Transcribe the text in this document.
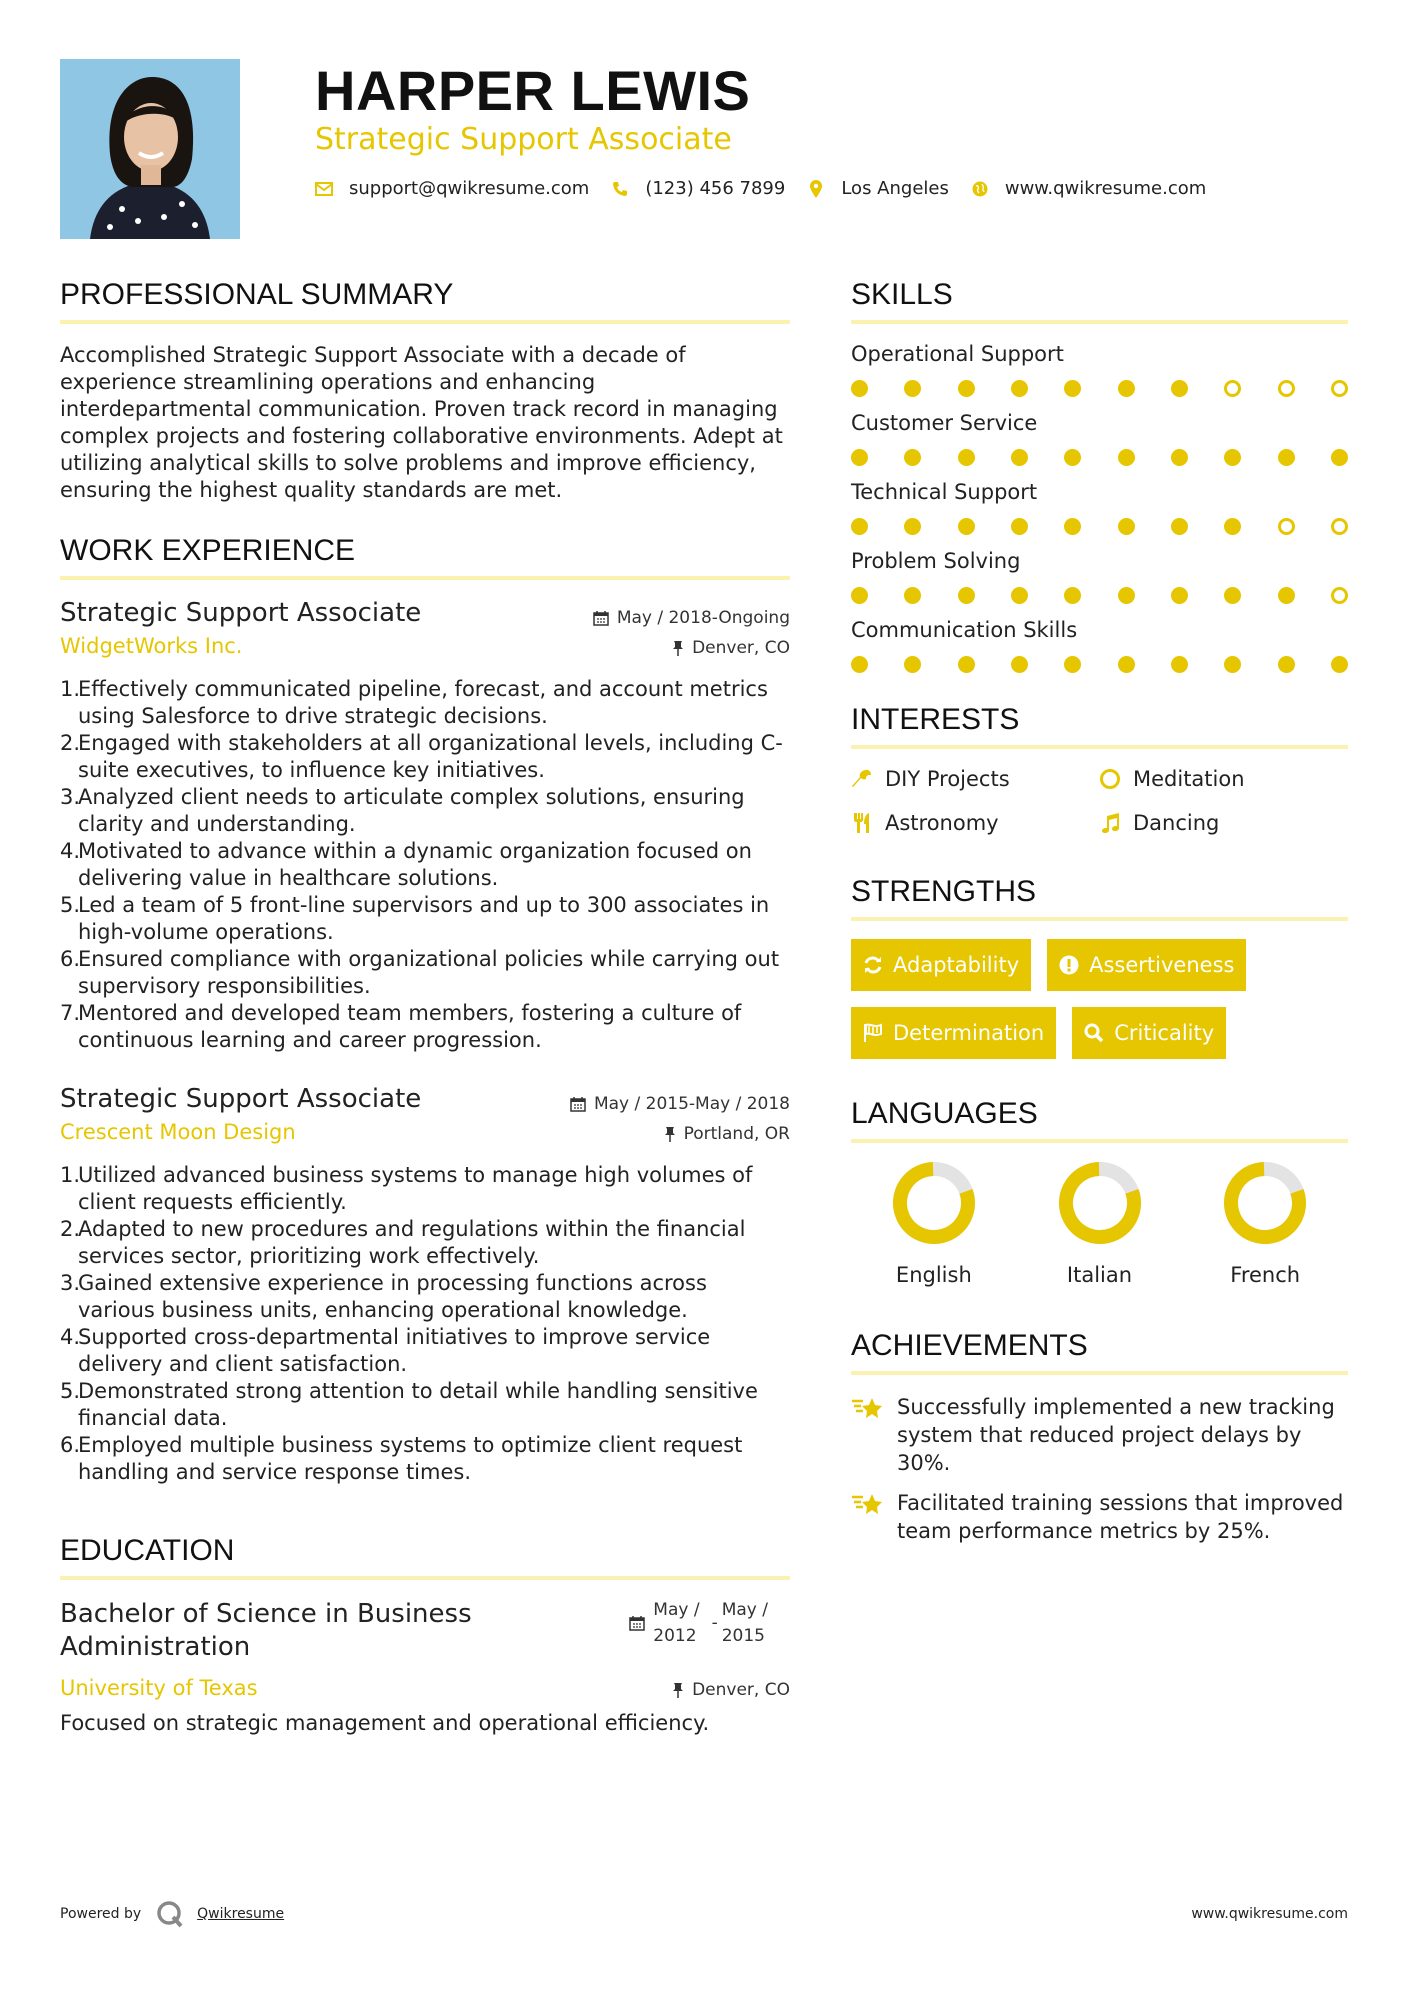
HARPER LEWIS
Strategic Support Associate
support@qwikresume.com	(123) 456 7899	Los Angeles	www.qwikresume.com
PROFESSIONAL SUMMARY

Accomplished Strategic Support Associate with a decade of experience streamlining operations and enhancing interdepartmental communication. Proven track record in managing complex projects and fostering collaborative environments. Adept at utilizing analytical skills to solve problems and improve efficiency, ensuring the highest quality standards are met.

WORK EXPERIENCE
Strategic Support Associate	May / 2018-Ongoing
WidgetWorks Inc.	Denver, CO
1.
Effectively communicated pipeline, forecast, and account metrics using Salesforce to drive strategic decisions.
2.
Engaged with stakeholders at all organizational levels, including C-suite executives, to influence key initiatives.
3.
Analyzed client needs to articulate complex solutions, ensuring clarity and understanding.
4.
Motivated to advance within a dynamic organization focused on delivering value in healthcare solutions.
5.
Led a team of 5 front-line supervisors and up to 300 associates in high-volume operations.
6.
Ensured compliance with organizational policies while carrying out supervisory responsibilities.
7.
Mentored and developed team members, fostering a culture of continuous learning and career progression.
Strategic Support Associate	May / 2015-May / 2018
Crescent Moon Design	Portland, OR
1.
Utilized advanced business systems to manage high volumes of client requests efficiently.
2.
Adapted to new procedures and regulations within the financial services sector, prioritizing work effectively.
3.
Gained extensive experience in processing functions across various business units, enhancing operational knowledge.
4.
Supported cross-departmental initiatives to improve service delivery and client satisfaction.
5.
Demonstrated strong attention to detail while handling sensitive financial data.
6.
Employed multiple business systems to optimize client request handling and service response times.
EDUCATION
Bachelor of Science in Business
Administration
May /
2012
-
May /
2015
University of Texas	Denver, CO

Focused on strategic management and operational efficiency.

SKILLS
Operational Support
Customer Service
Technical Support
Problem Solving
Communication Skills
INTERESTS
DIY Projects	Meditation
Astronomy	Dancing
STRENGTHS
Adaptability	Assertiveness
Determination	Criticality
LANGUAGES
English	Italian	French
ACHIEVEMENTS
Successfully implemented a new tracking system that reduced project delays by 30%.
Facilitated training sessions that improved team performance metrics by 25%.
Powered by	Qwikresume	www.qwikresume.com
